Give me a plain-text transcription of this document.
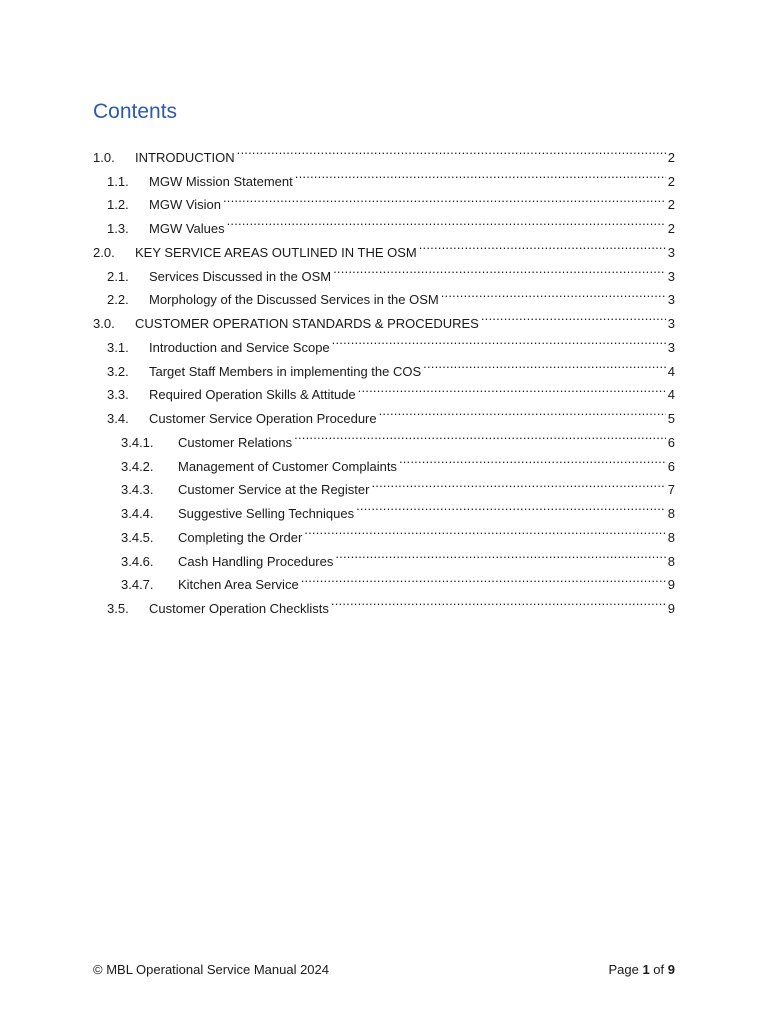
Contents
1.0.	INTRODUCTION .....	2
1.1.	MGW Mission Statement .....	2
1.2.	MGW Vision .....	2
1.3.	MGW Values .....	2
2.0.	KEY SERVICE AREAS OUTLINED IN THE OSM .....	3
2.1.	Services Discussed in the OSM .....	3
2.2.	Morphology of the Discussed Services in the OSM .....	3
3.0.	CUSTOMER OPERATION STANDARDS & PROCEDURES .....	3
3.1.	Introduction and Service Scope .....	3
3.2.	Target Staff Members in implementing the COS .....	4
3.3.	Required Operation Skills & Attitude .....	4
3.4.	Customer Service Operation Procedure .....	5
3.4.1.	Customer Relations .....	6
3.4.2.	Management of Customer Complaints .....	6
3.4.3.	Customer Service at the Register .....	7
3.4.4.	Suggestive Selling Techniques .....	8
3.4.5.	Completing the Order .....	8
3.4.6.	Cash Handling Procedures .....	8
3.4.7.	Kitchen Area Service .....	9
3.5.	Customer Operation Checklists .....	9
© MBL Operational Service Manual 2024	Page 1 of 9
